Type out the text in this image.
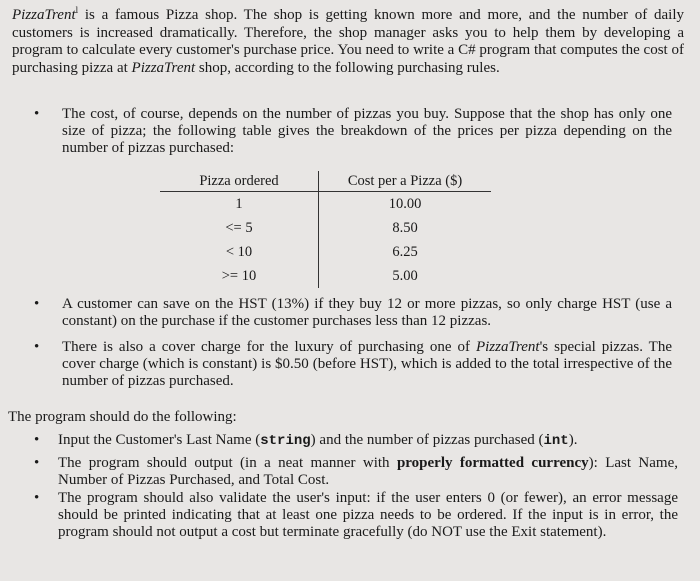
PizzaTrent$^l$ is a famous Pizza shop. The shop is getting known more and more, and the number of daily customers is increased dramatically. Therefore, the shop manager asks you to help them by developing a program to calculate every customer's purchase price. You need to write a C# program that computes the cost of purchasing pizza at PizzaTrent shop, according to the following purchasing rules.
• The cost, of course, depends on the number of pizzas you buy. Suppose that the shop has only one size of pizza; the following table gives the breakdown of the prices per pizza depending on the number of pizzas purchased:
Pizza ordered	Cost per a Pizza ($)
1	10.00
<= 5	8.50
< 10	6.25
>= 10	5.00
• A customer can save on the HST (13%) if they buy 12 or more pizzas, so only charge HST (use a constant) on the purchase if the customer purchases less than 12 pizzas.
• There is also a cover charge for the luxury of purchasing one of PizzaTrent's special pizzas. The cover charge (which is constant) is $0.50 (before HST), which is added to the total irrespective of the number of pizzas purchased.
The program should do the following:
• Input the Customer's Last Name (string) and the number of pizzas purchased (int).
• The program should output (in a neat manner with properly formatted currency): Last Name, Number of Pizzas Purchased, and Total Cost.
• The program should also validate the user's input: if the user enters 0 (or fewer), an error message should be printed indicating that at least one pizza needs to be ordered. If the input is in error, the program should not output a cost but terminate gracefully (do NOT use the Exit statement).
